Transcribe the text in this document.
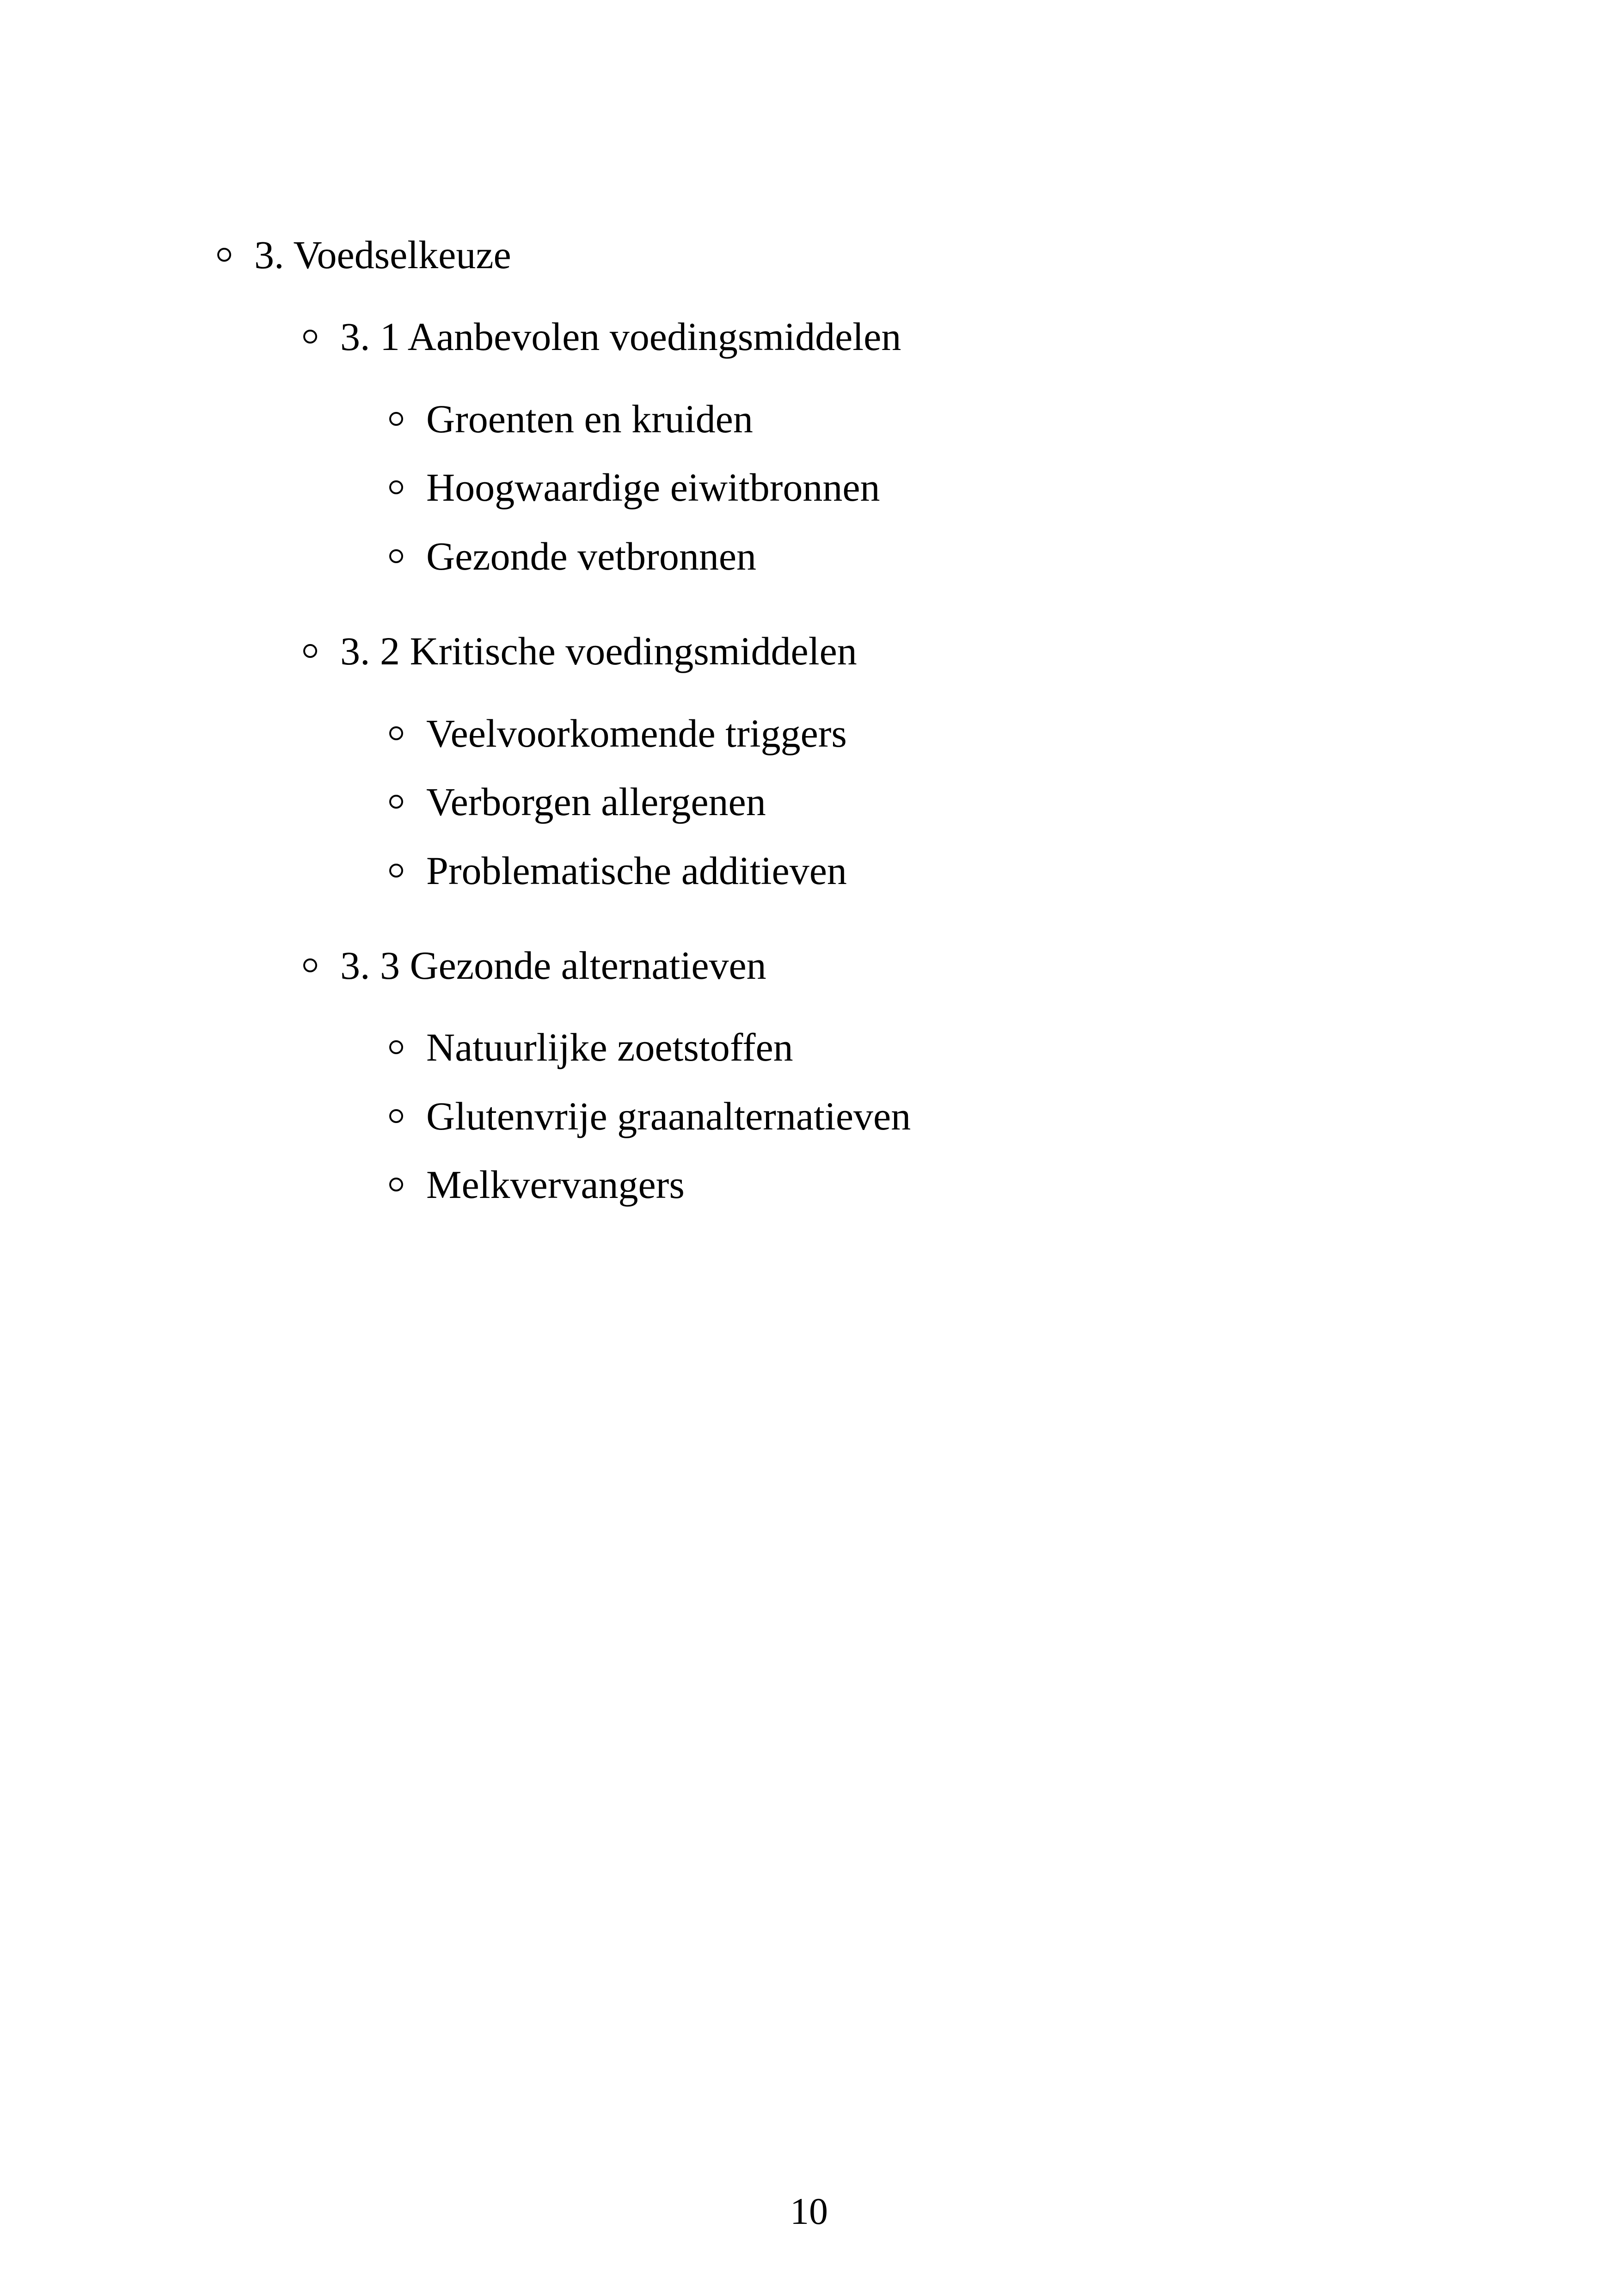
3. Voedselkeuze
3. 1 Aanbevolen voedingsmiddelen
Groenten en kruiden
Hoogwaardige eiwitbronnen
Gezonde vetbronnen
3. 2 Kritische voedingsmiddelen
Veelvoorkomende triggers
Verborgen allergenen
Problematische additieven
3. 3 Gezonde alternatieven
Natuurlijke zoetstoffen
Glutenvrije graanalternatieven
Melkvervangers
10
